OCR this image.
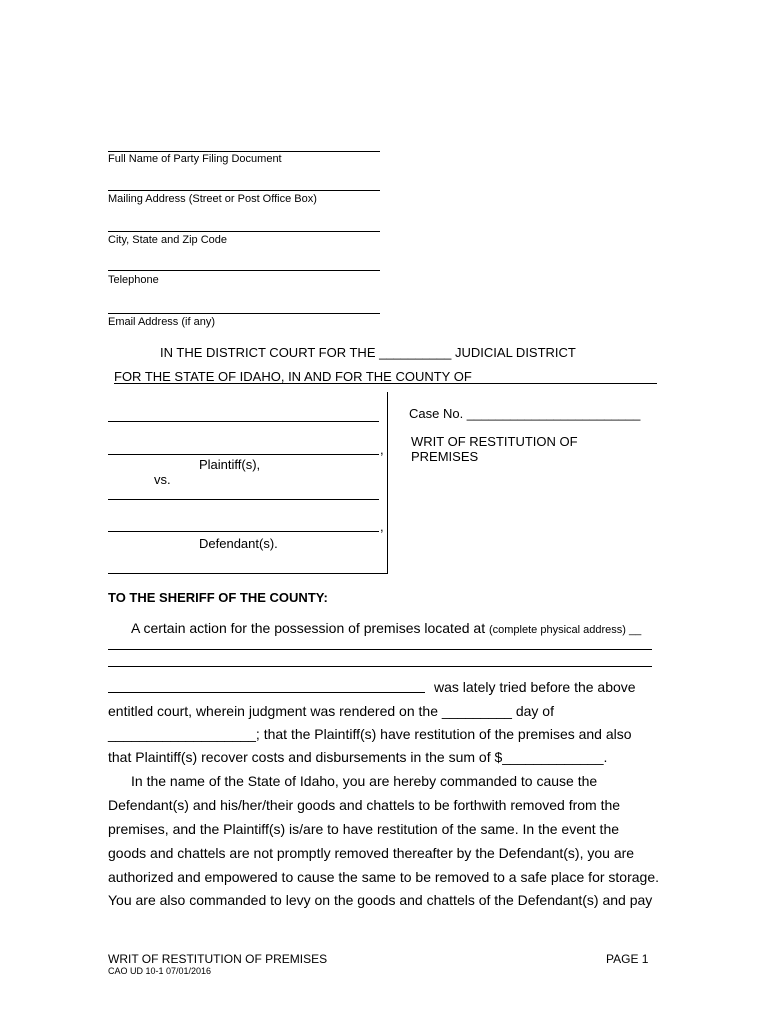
Full Name of Party Filing Document
Mailing Address (Street or Post Office Box)
City, State and Zip Code
Telephone
Email Address (if any)
IN THE DISTRICT COURT FOR THE __________ JUDICIAL DISTRICT
FOR THE STATE OF IDAHO, IN AND FOR THE COUNTY OF
,
Plaintiff(s),
vs.
,
Defendant(s).
Case No. ________________________
WRIT OF RESTITUTION OF
PREMISES
TO THE SHERIFF OF THE COUNTY:
A certain action for the possession of premises located at (complete physical address) __
was lately tried before the above
entitled court, wherein judgment was rendered on the _________ day of
___________________; that the Plaintiff(s) have restitution of the premises and also
that Plaintiff(s) recover costs and disbursements in the sum of $_____________.
In the name of the State of Idaho, you are hereby commanded to cause the
Defendant(s) and his/her/their goods and chattels to be forthwith removed from the
premises, and the Plaintiff(s) is/are to have restitution of the same. In the event the
goods and chattels are not promptly removed thereafter by the Defendant(s), you are
authorized and empowered to cause the same to be removed to a safe place for storage.
You are also commanded to levy on the goods and chattels of the Defendant(s) and pay
WRIT OF RESTITUTION OF PREMISES	PAGE 1
CAO UD 10-1 07/01/2016
